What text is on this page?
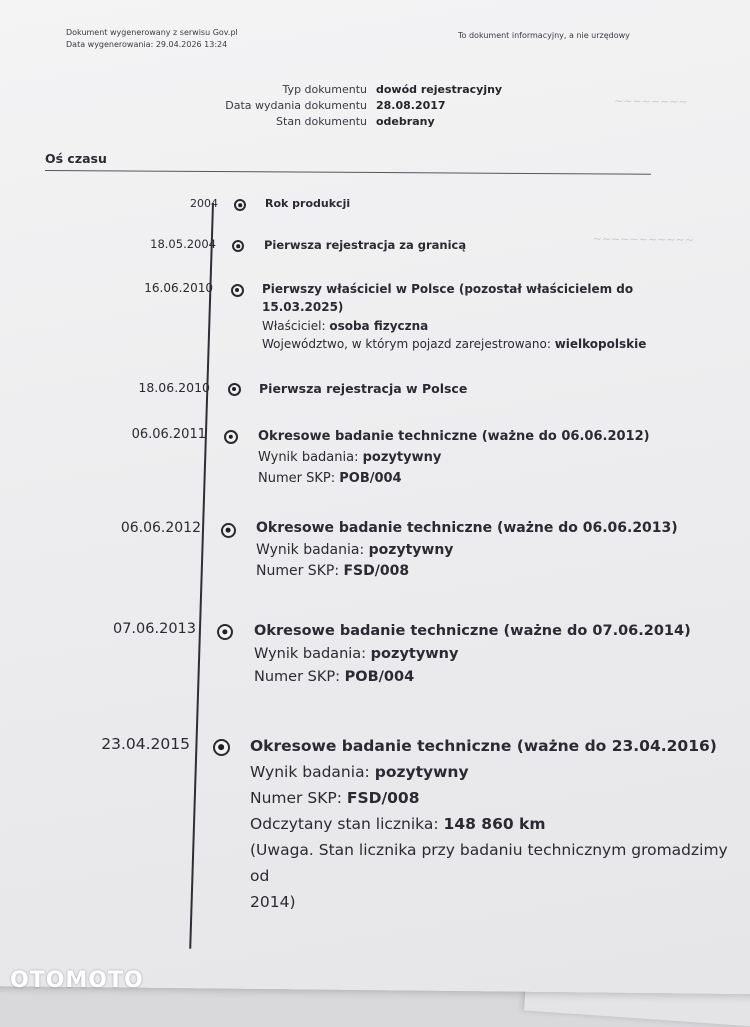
~~~~~~~~
~~~~~~~~~~~
Dokument wygenerowany z serwisu Gov.pl
Data wygenerowania: 29.04.2026 13:24
To dokument informacyjny, a nie urzędowy
Typ dokumentu dowód rejestracyjny
Data wydania dokumentu 28.08.2017
Stan dokumentu odebrany
Oś czasu
2004	Rok produkcji
18.05.2004	Pierwsza rejestracja za granicą
16.06.2010	Pierwszy właściciel w Polsce (pozostał właścicielem do
15.03.2025)
Właściciel: osoba fizyczna
Województwo, w którym pojazd zarejestrowano: wielkopolskie
18.06.2010	Pierwsza rejestracja w Polsce
06.06.2011	Okresowe badanie techniczne (ważne do 06.06.2012)
Wynik badania: pozytywny
Numer SKP: POB/004
06.06.2012	Okresowe badanie techniczne (ważne do 06.06.2013)
Wynik badania: pozytywny
Numer SKP: FSD/008
07.06.2013	Okresowe badanie techniczne (ważne do 07.06.2014)
Wynik badania: pozytywny
Numer SKP: POB/004
23.04.2015	Okresowe badanie techniczne (ważne do 23.04.2016)
Wynik badania: pozytywny
Numer SKP: FSD/008
Odczytany stan licznika: 148 860 km
(Uwaga. Stan licznika przy badaniu technicznym gromadzimy od
2014)
OTOMOTO
